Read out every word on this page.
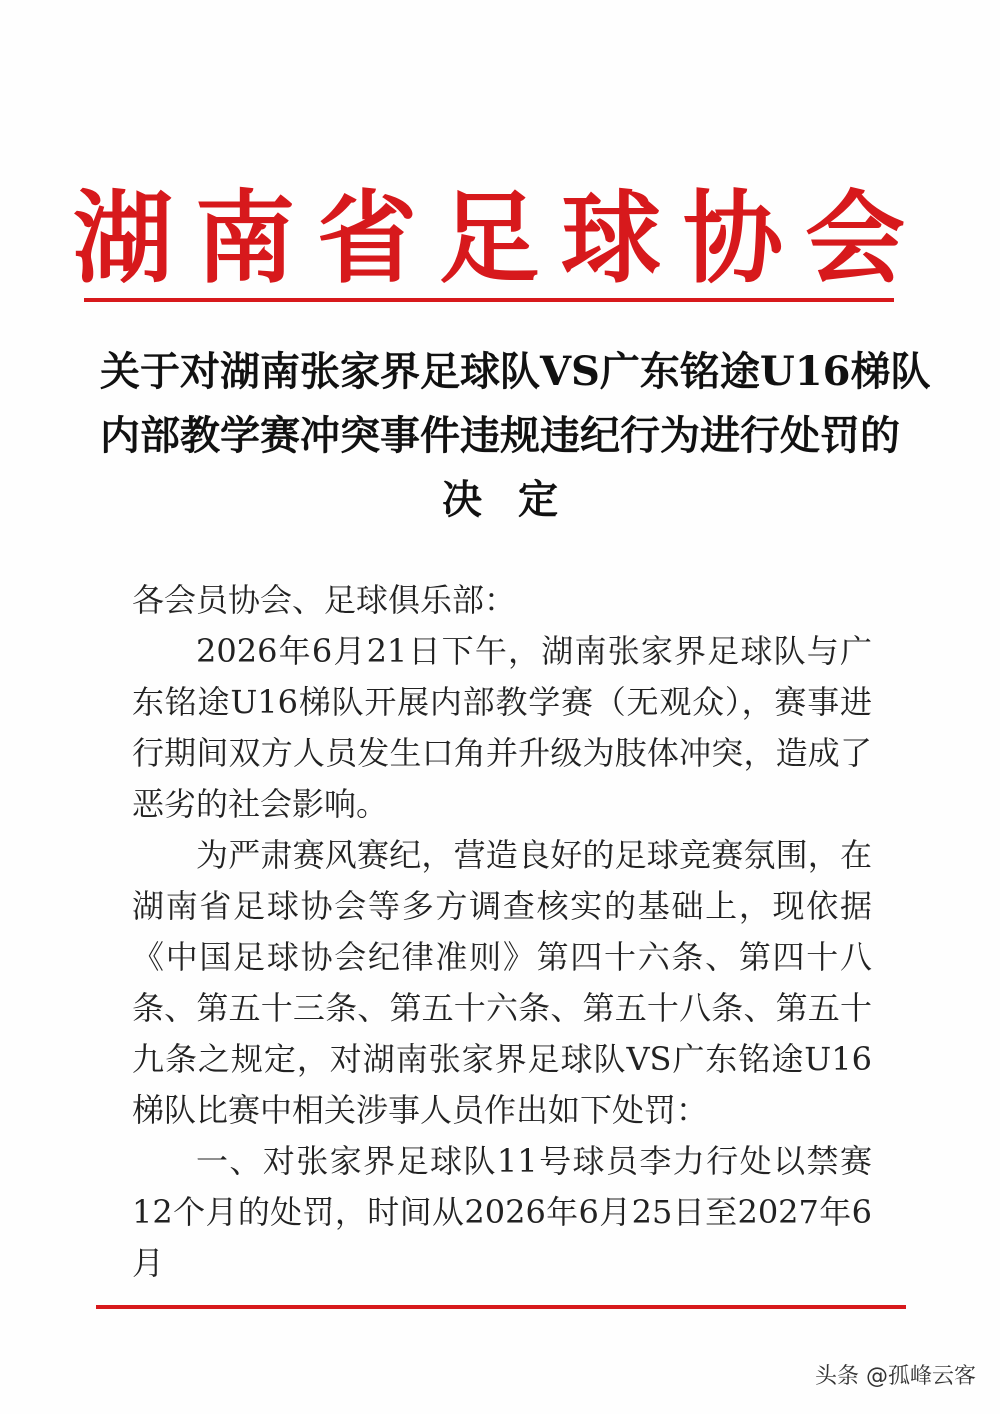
湖南省足球协会
关于对湖南张家界足球队VS广东铭途U16梯队
内部教学赛冲突事件违规违纪行为进行处罚的
决定

各会员协会、足球俱乐部：

2026年6月21日下午，湖南张家界足球队与广东铭途U16梯队开展内部教学赛（无观众），赛事进行期间双方人员发生口角并升级为肢体冲突，造成了恶劣的社会影响。

为严肃赛风赛纪，营造良好的足球竞赛氛围，在湖南省足球协会等多方调查核实的基础上，现依据《中国足球协会纪律准则》第四十六条、第四十八条、第五十三条、第五十六条、第五十八条、第五十九条之规定，对湖南张家界足球队VS广东铭途U16梯队比赛中相关涉事人员作出如下处罚：

一、对张家界足球队11号球员李力行处以禁赛12个月的处罚，时间从2026年6月25日至2027年6月

头条 @孤峰云客
